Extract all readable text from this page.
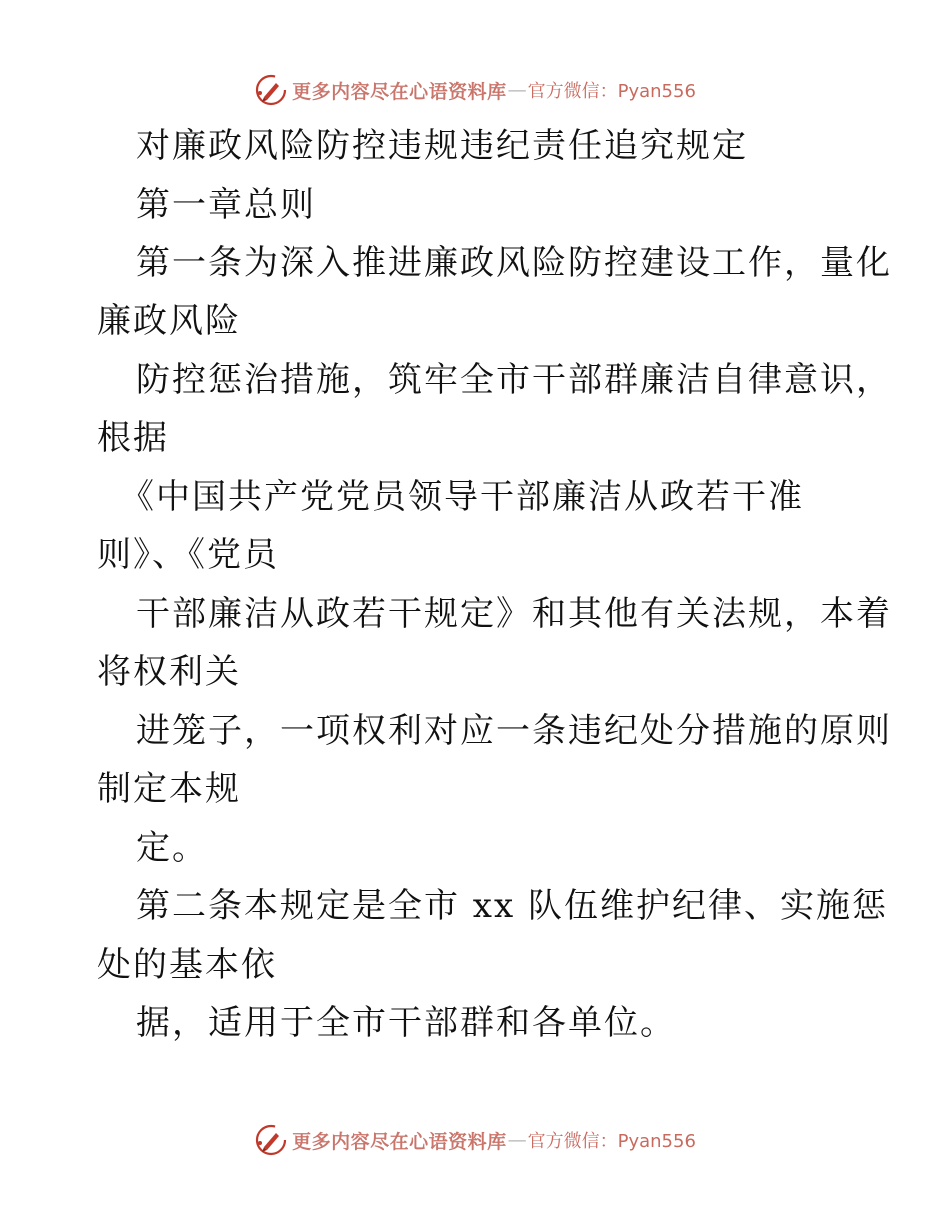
更多内容尽在心语资料库 — 官方微信：Pyan556
对廉政风险防控违规违纪责任追究规定
第一章总则
第一条为深入推进廉政风险防控建设工作，量化
廉政风险
防控惩治措施，筑牢全市干部群廉洁自律意识，
根据
《中国共产党党员领导干部廉洁从政若干准
则》、《党员
干部廉洁从政若干规定》和其他有关法规，本着
将权利关
进笼子，一项权利对应一条违纪处分措施的原则
制定本规
定。
第二条本规定是全市 xx 队伍维护纪律、实施惩
处的基本依
据，适用于全市干部群和各单位。
更多内容尽在心语资料库 — 官方微信：Pyan556
